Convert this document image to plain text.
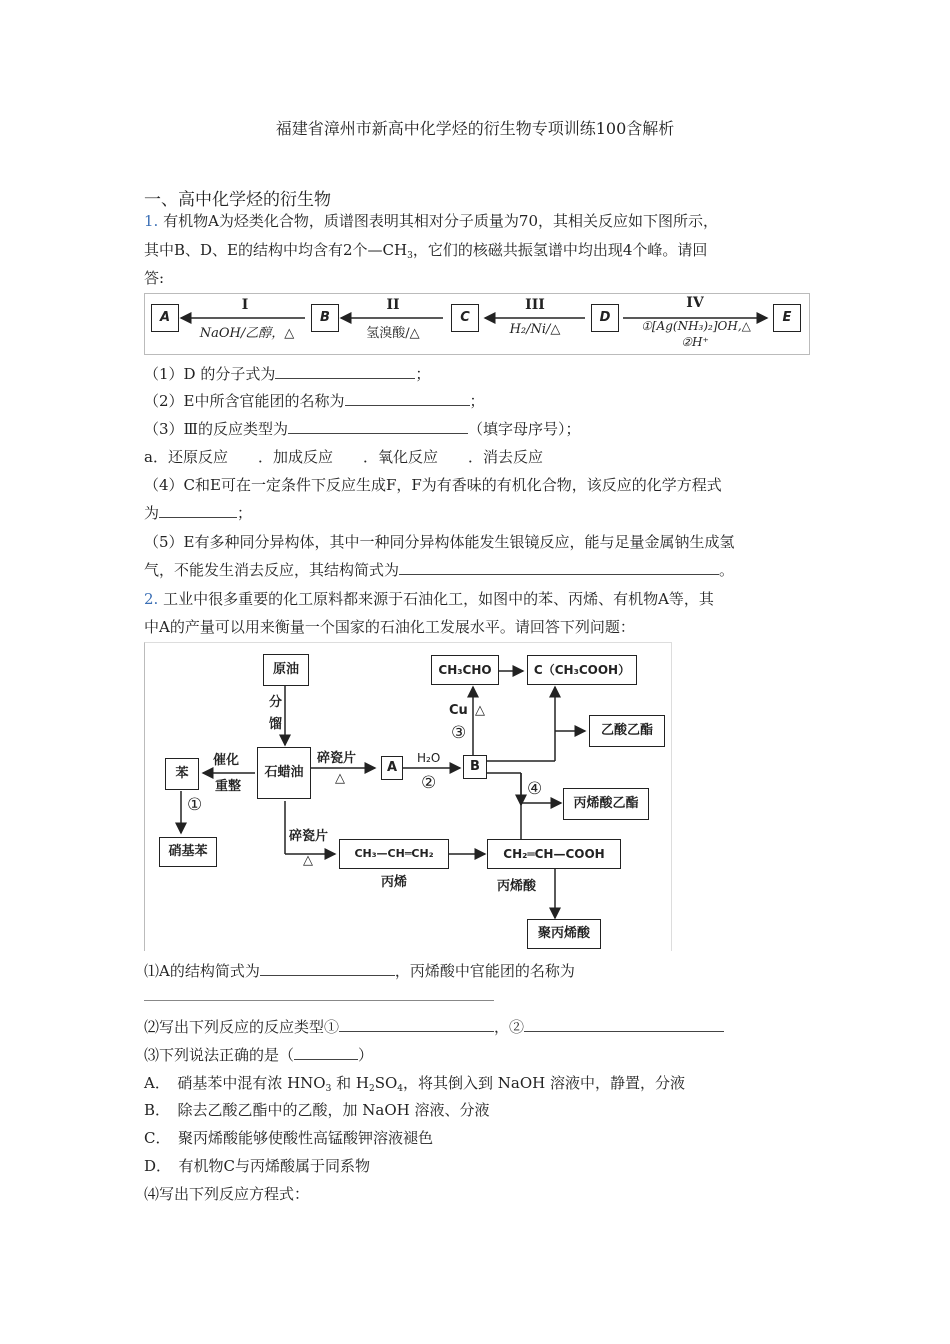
福建省漳州市新高中化学烃的衍生物专项训练100含解析
一、高中化学烃的衍生物
1. 有机物A为烃类化合物，质谱图表明其相对分子质量为70，其相关反应如下图所示，
其中B、D、E的结构中均含有2个$—CH_3$，它们的核磁共振氢谱中均出现4个峰。请回
答:
A	B	C	D	E
I
NaOH/乙醇，△
II
氢溴酸/△
III
H₂/Ni/△
IV
①[Ag(NH₃)₂]OH,△
②H⁺
（1）D 的分子式为	；
（2）E中所含官能团的名称为	；
（3）Ⅲ的反应类型为	（填字母序号）；
a．还原反应　　．加成反应　　．氧化反应　　．消去反应
（4）C和E可在一定条件下反应生成F，F为有香味的有机化合物，该反应的化学方程式
为	；
（5）E有多种同分异构体，其中一种同分异构体能发生银镜反应，能与足量金属钠生成氢
气，不能发生消去反应，其结构简式为	。
2. 工业中很多重要的化工原料都来源于石油化工，如图中的苯、丙烯、有机物A等，其
中A的产量可以用来衡量一个国家的石油化工发展水平。请回答下列问题：
原油
分
馏
石蜡油
苯
催化
重整
①
硝基苯
碎瓷片
△
A
H₂O
②
B
Cu △
③
CH₃CHO	C（CH₃COOH）
乙酸乙酯
④
丙烯酸乙酯
碎瓷片
△	CH₃—CH═CH₂
丙烯
CH₂═CH—COOH
丙烯酸
聚丙烯酸
⑴A的结构简式为	，丙烯酸中官能团的名称为
⑵写出下列反应的反应类型①	，②
⑶下列说法正确的是（	）
A．　硝基苯中混有浓 $HNO_3$ 和 $H_2SO_4$，将其倒入到 NaOH 溶液中，静置，分液
B．　除去乙酸乙酯中的乙酸，加 NaOH 溶液、分液
C．　聚丙烯酸能够使酸性高锰酸钾溶液褪色
D．　有机物C与丙烯酸属于同系物
⑷写出下列反应方程式：
